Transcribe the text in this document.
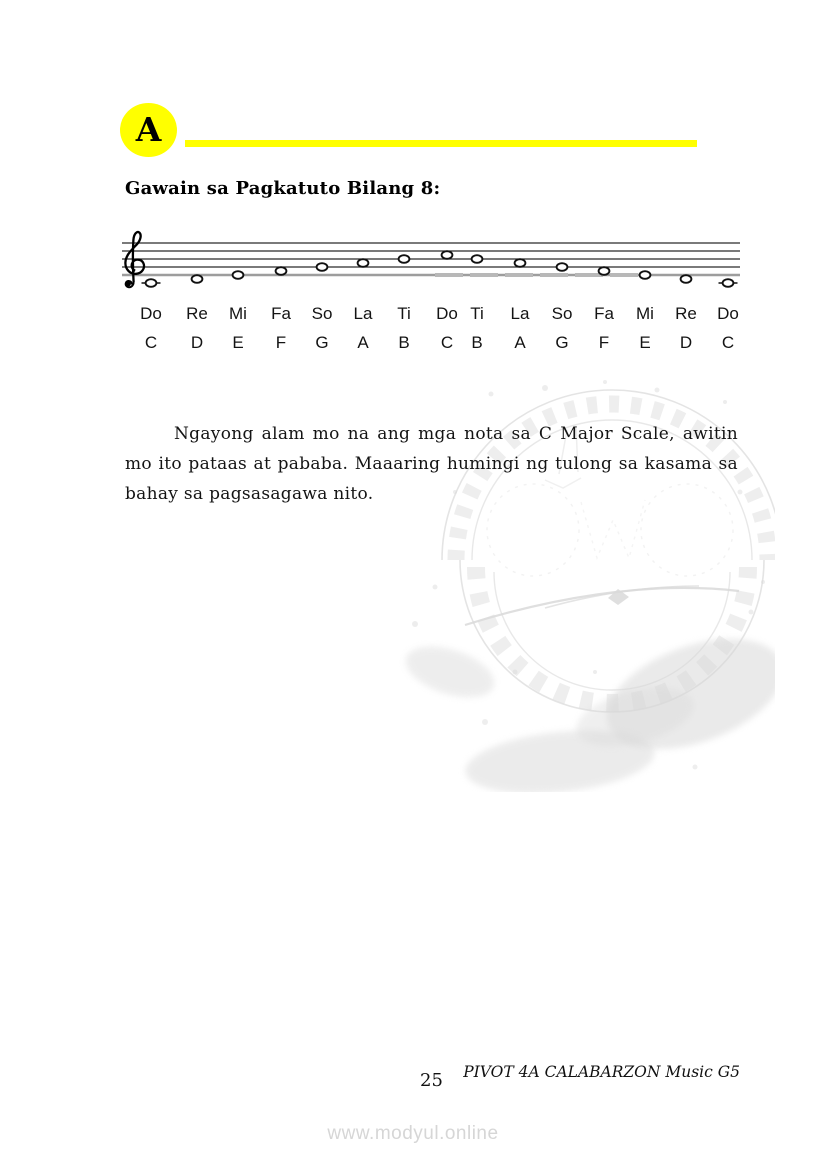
A
Gawain sa Pagkatuto Bilang 8:
Do Re Mi Fa So La Ti Do Ti La So Fa Mi Re Do
C D E F G A B C B A G F E D C

Ngayong alam mo na ang mga nota sa C Major Scale, awitin mo ito pataas at pababa. Maaaring humingi ng tulong sa kasama sa bahay sa pagsasagawa nito.

25 PIVOT 4A CALABARZON Music G5
www.modyul.online
